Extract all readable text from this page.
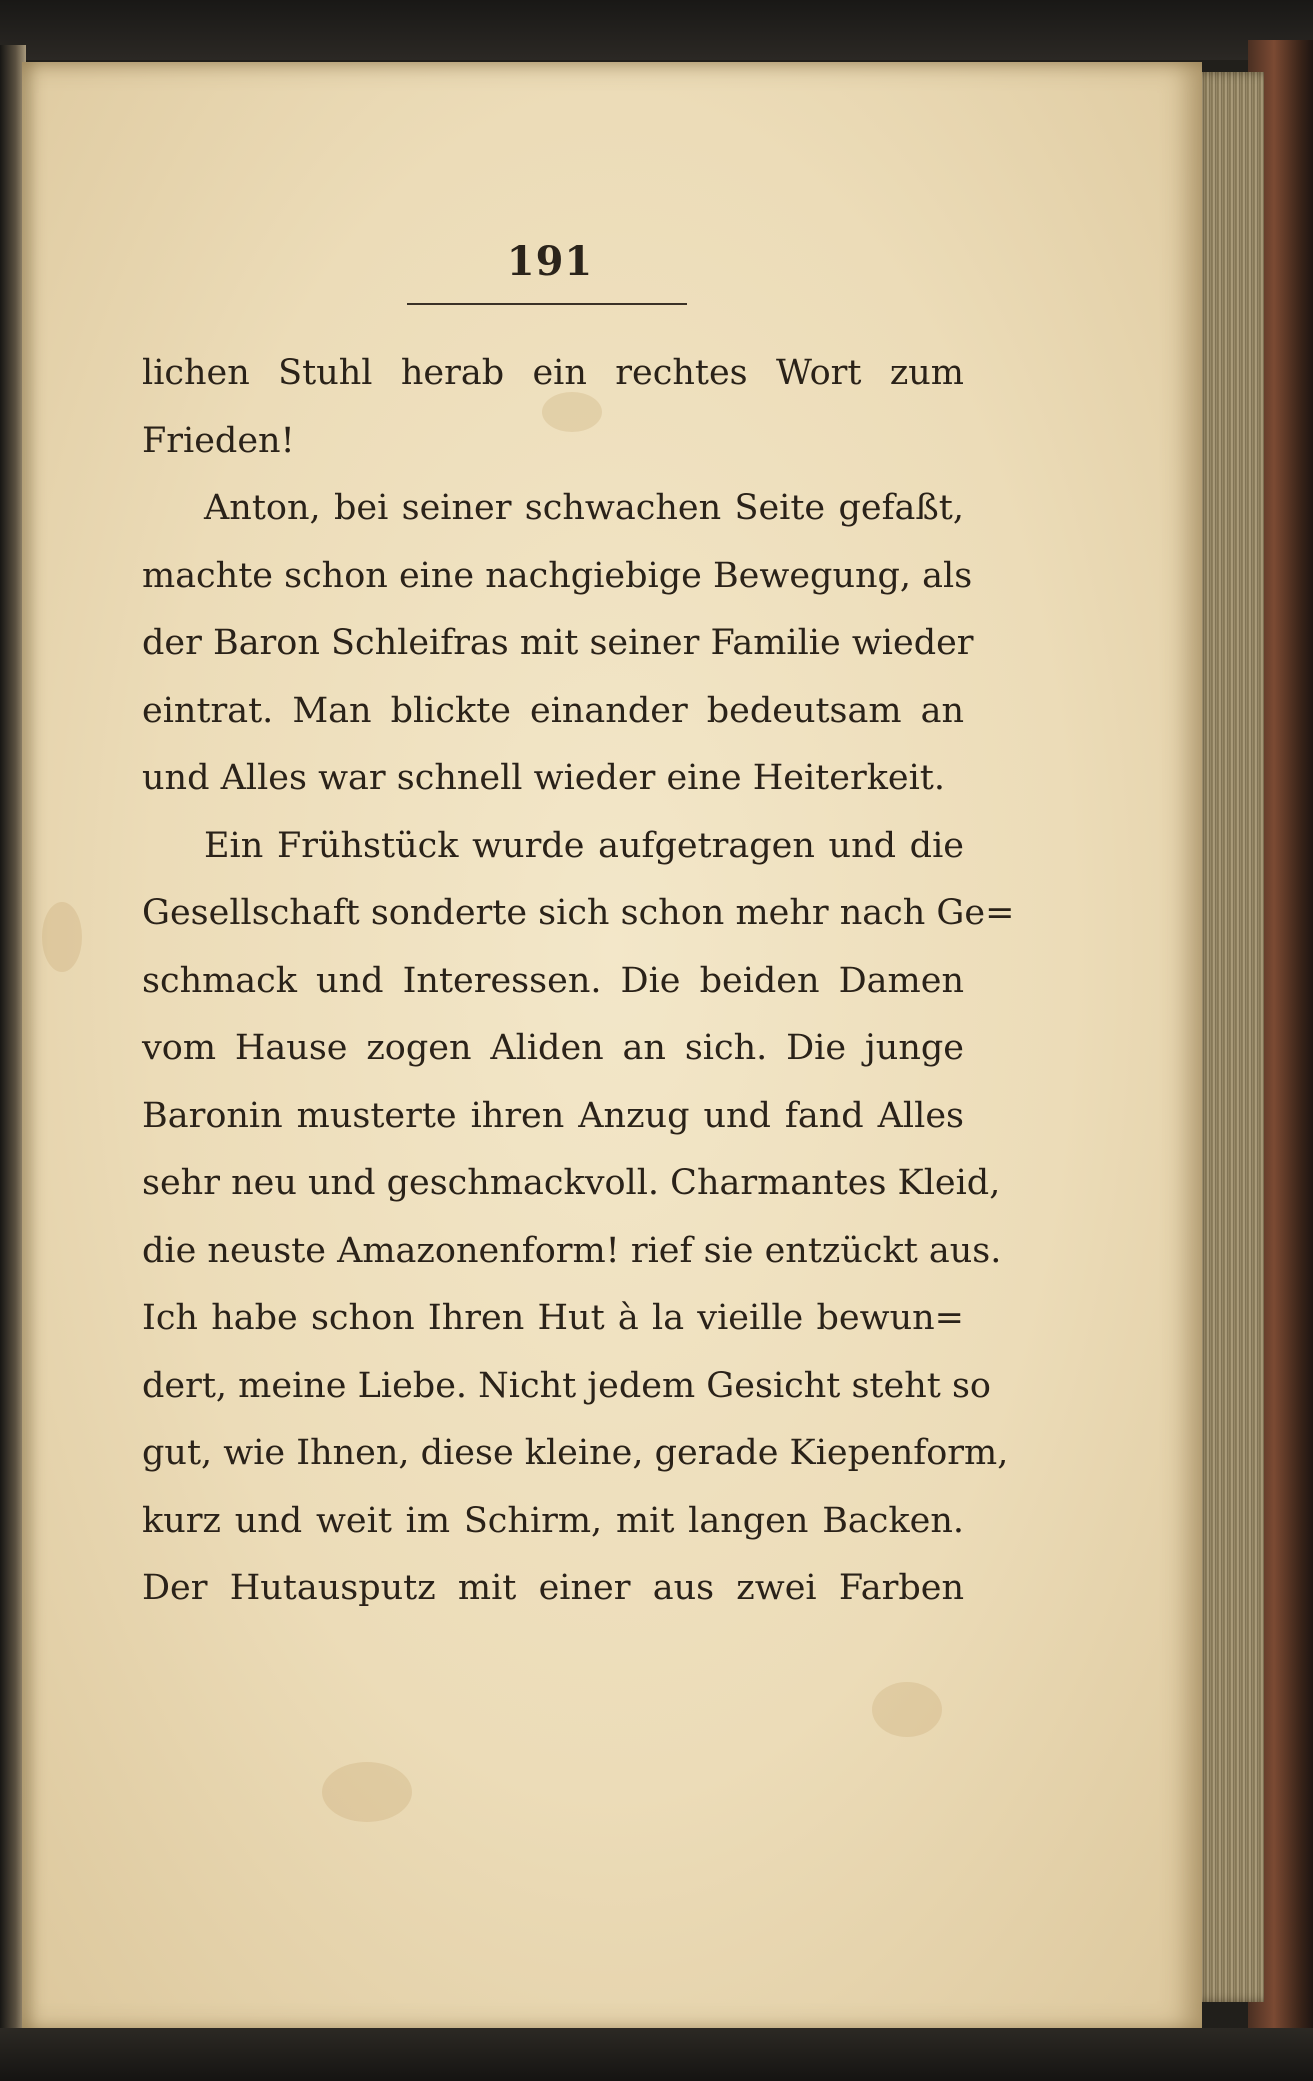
191
lichen Stuhl herab ein rechtes Wort zum
Frieden!
Anton, bei seiner schwachen Seite gefaßt,
machte schon eine nachgiebige Bewegung, als
der Baron Schleifras mit seiner Familie wieder
eintrat. Man blickte einander bedeutsam an
und Alles war schnell wieder eine Heiterkeit.
Ein Frühstück wurde aufgetragen und die
Gesellschaft sonderte sich schon mehr nach Ge=
schmack und Interessen. Die beiden Damen
vom Hause zogen Aliden an sich. Die junge
Baronin musterte ihren Anzug und fand Alles
sehr neu und geschmackvoll. Charmantes Kleid,
die neuste Amazonenform! rief sie entzückt aus.
Ich habe schon Ihren Hut à la vieille bewun=
dert, meine Liebe. Nicht jedem Gesicht steht so
gut, wie Ihnen, diese kleine, gerade Kiepenform,
kurz und weit im Schirm, mit langen Backen.
Der Hutausputz mit einer aus zwei Farben
